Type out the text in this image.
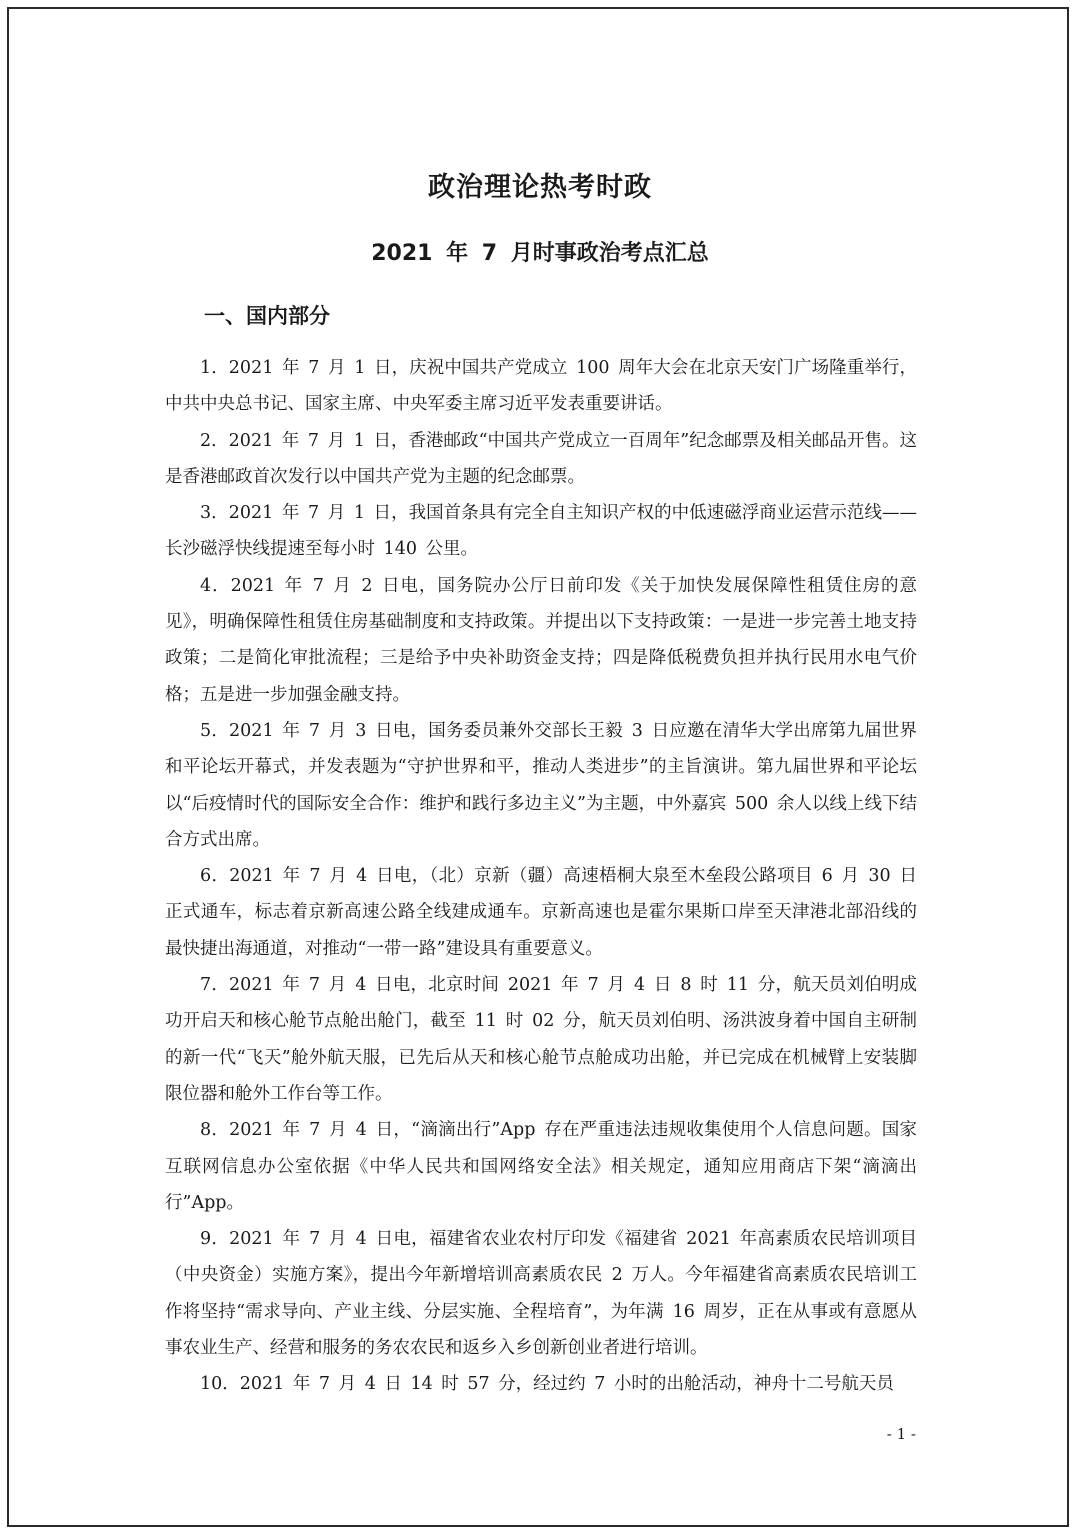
政治理论热考时政
2021 年 7 月时事政治考点汇总
一、国内部分

1．2021 年 7 月 1 日，庆祝中国共产党成立 100 周年大会在北京天安门广场隆重举行，中共中央总书记、国家主席、中央军委主席习近平发表重要讲话。

2．2021 年 7 月 1 日，香港邮政“中国共产党成立一百周年”纪念邮票及相关邮品开售。这是香港邮政首次发行以中国共产党为主题的纪念邮票。

3．2021 年 7 月 1 日，我国首条具有完全自主知识产权的中低速磁浮商业运营示范线——长沙磁浮快线提速至每小时 140 公里。

4．2021 年 7 月 2 日电，国务院办公厅日前印发《关于加快发展保障性租赁住房的意见》，明确保障性租赁住房基础制度和支持政策。并提出以下支持政策：一是进一步完善土地支持政策；二是简化审批流程；三是给予中央补助资金支持；四是降低税费负担并执行民用水电气价格；五是进一步加强金融支持。

5．2021 年 7 月 3 日电，国务委员兼外交部长王毅 3 日应邀在清华大学出席第九届世界和平论坛开幕式，并发表题为“守护世界和平，推动人类进步”的主旨演讲。第九届世界和平论坛以“后疫情时代的国际安全合作：维护和践行多边主义”为主题，中外嘉宾 500 余人以线上线下结合方式出席。

6．2021 年 7 月 4 日电，（北）京新（疆）高速梧桐大泉至木垒段公路项目 6 月 30 日正式通车，标志着京新高速公路全线建成通车。京新高速也是霍尔果斯口岸至天津港北部沿线的最快捷出海通道，对推动“一带一路”建设具有重要意义。

7．2021 年 7 月 4 日电，北京时间 2021 年 7 月 4 日 8 时 11 分，航天员刘伯明成功开启天和核心舱节点舱出舱门，截至 11 时 02 分，航天员刘伯明、汤洪波身着中国自主研制的新一代“飞天”舱外航天服，已先后从天和核心舱节点舱成功出舱，并已完成在机械臂上安装脚限位器和舱外工作台等工作。

8．2021 年 7 月 4 日，“滴滴出行”App 存在严重违法违规收集使用个人信息问题。国家互联网信息办公室依据《中华人民共和国网络安全法》相关规定，通知应用商店下架“滴滴出行”App。

9．2021 年 7 月 4 日电，福建省农业农村厅印发《福建省 2021 年高素质农民培训项目（中央资金）实施方案》，提出今年新增培训高素质农民 2 万人。今年福建省高素质农民培训工作将坚持“需求导向、产业主线、分层实施、全程培育”，为年满 16 周岁，正在从事或有意愿从事农业生产、经营和服务的务农农民和返乡入乡创新创业者进行培训。

10．2021 年 7 月 4 日 14 时 57 分，经过约 7 小时的出舱活动，神舟十二号航天员

- 1 -
